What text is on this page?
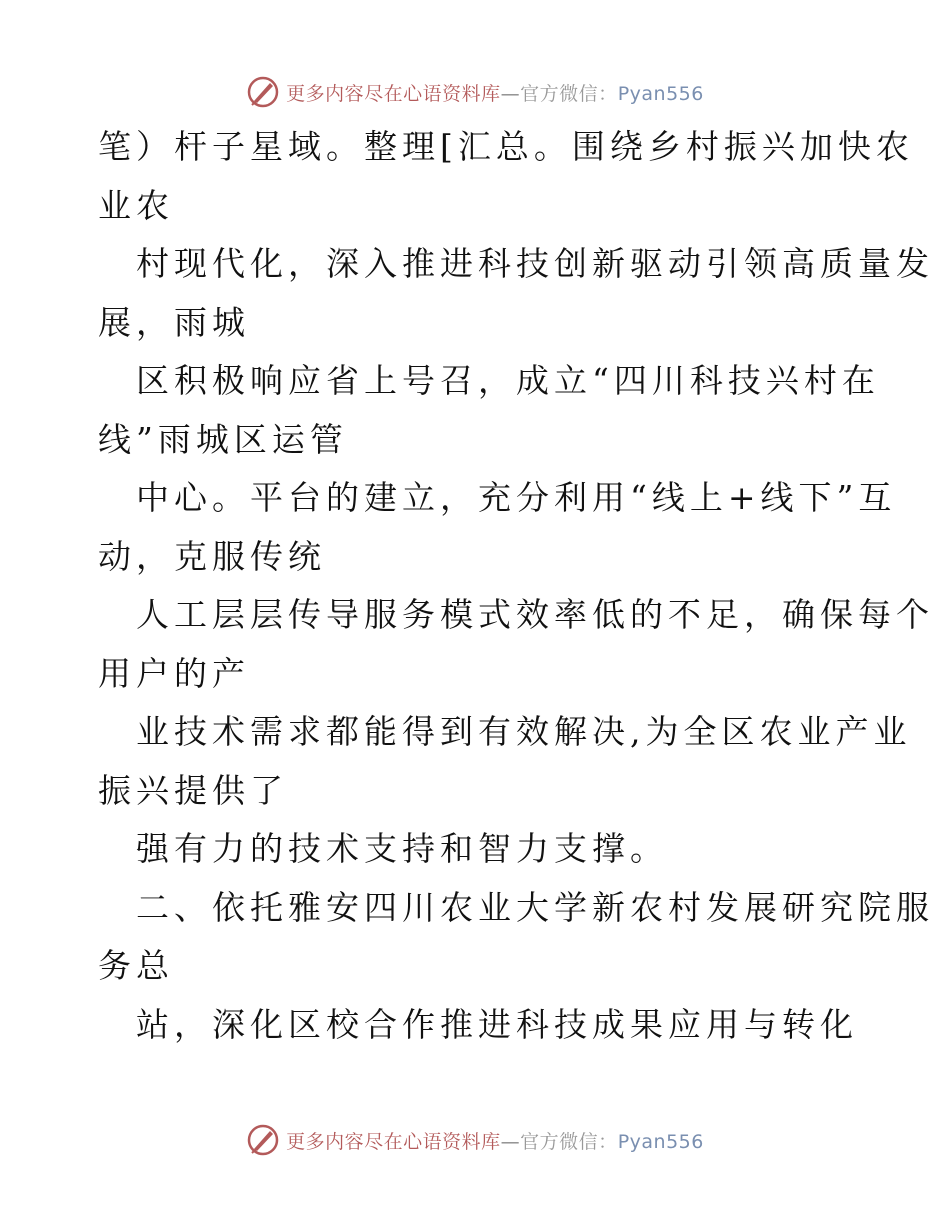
更多内容尽在心语资料库—官方微信：Pyan556

笔）杆子星域。整理[汇总。围绕乡村振兴加快农
业农

村现代化，深入推进科技创新驱动引领高质量发
展，雨城

区积极响应省上号召，成立“四川科技兴村在
线”雨城区运管

中心。平台的建立，充分利用“线上+线下”互
动，克服传统

人工层层传导服务模式效率低的不足，确保每个
用户的产

业技术需求都能得到有效解决,为全区农业产业
振兴提供了

强有力的技术支持和智力支撑。

二、依托雅安四川农业大学新农村发展研究院服
务总

站，深化区校合作推进科技成果应用与转化

更多内容尽在心语资料库—官方微信：Pyan556
